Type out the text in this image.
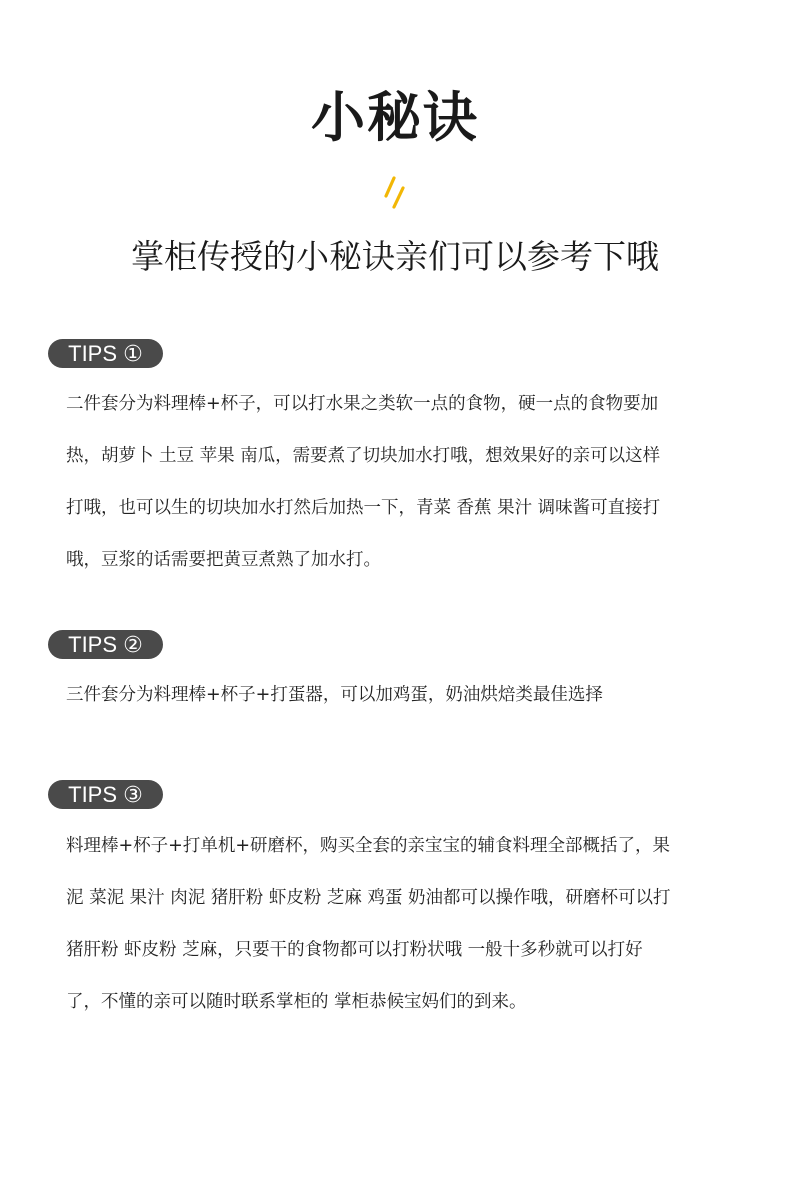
小秘诀
掌柜传授的小秘诀亲们可以参考下哦
TIPS ①
二件套分为料理棒+杯子，可以打水果之类软一点的食物，硬一点的食物要加
热，胡萝卜 土豆 苹果 南瓜，需要煮了切块加水打哦，想效果好的亲可以这样
打哦，也可以生的切块加水打然后加热一下，青菜 香蕉 果汁 调味酱可直接打
哦，豆浆的话需要把黄豆煮熟了加水打。
TIPS ②
三件套分为料理棒+杯子+打蛋器，可以加鸡蛋，奶油烘焙类最佳选择
TIPS ③
料理棒+杯子+打单机+研磨杯，购买全套的亲宝宝的辅食料理全部概括了，果
泥 菜泥 果汁 肉泥 猪肝粉 虾皮粉 芝麻 鸡蛋 奶油都可以操作哦，研磨杯可以打
猪肝粉 虾皮粉 芝麻，只要干的食物都可以打粉状哦 一般十多秒就可以打好
了，不懂的亲可以随时联系掌柜的 掌柜恭候宝妈们的到来。
